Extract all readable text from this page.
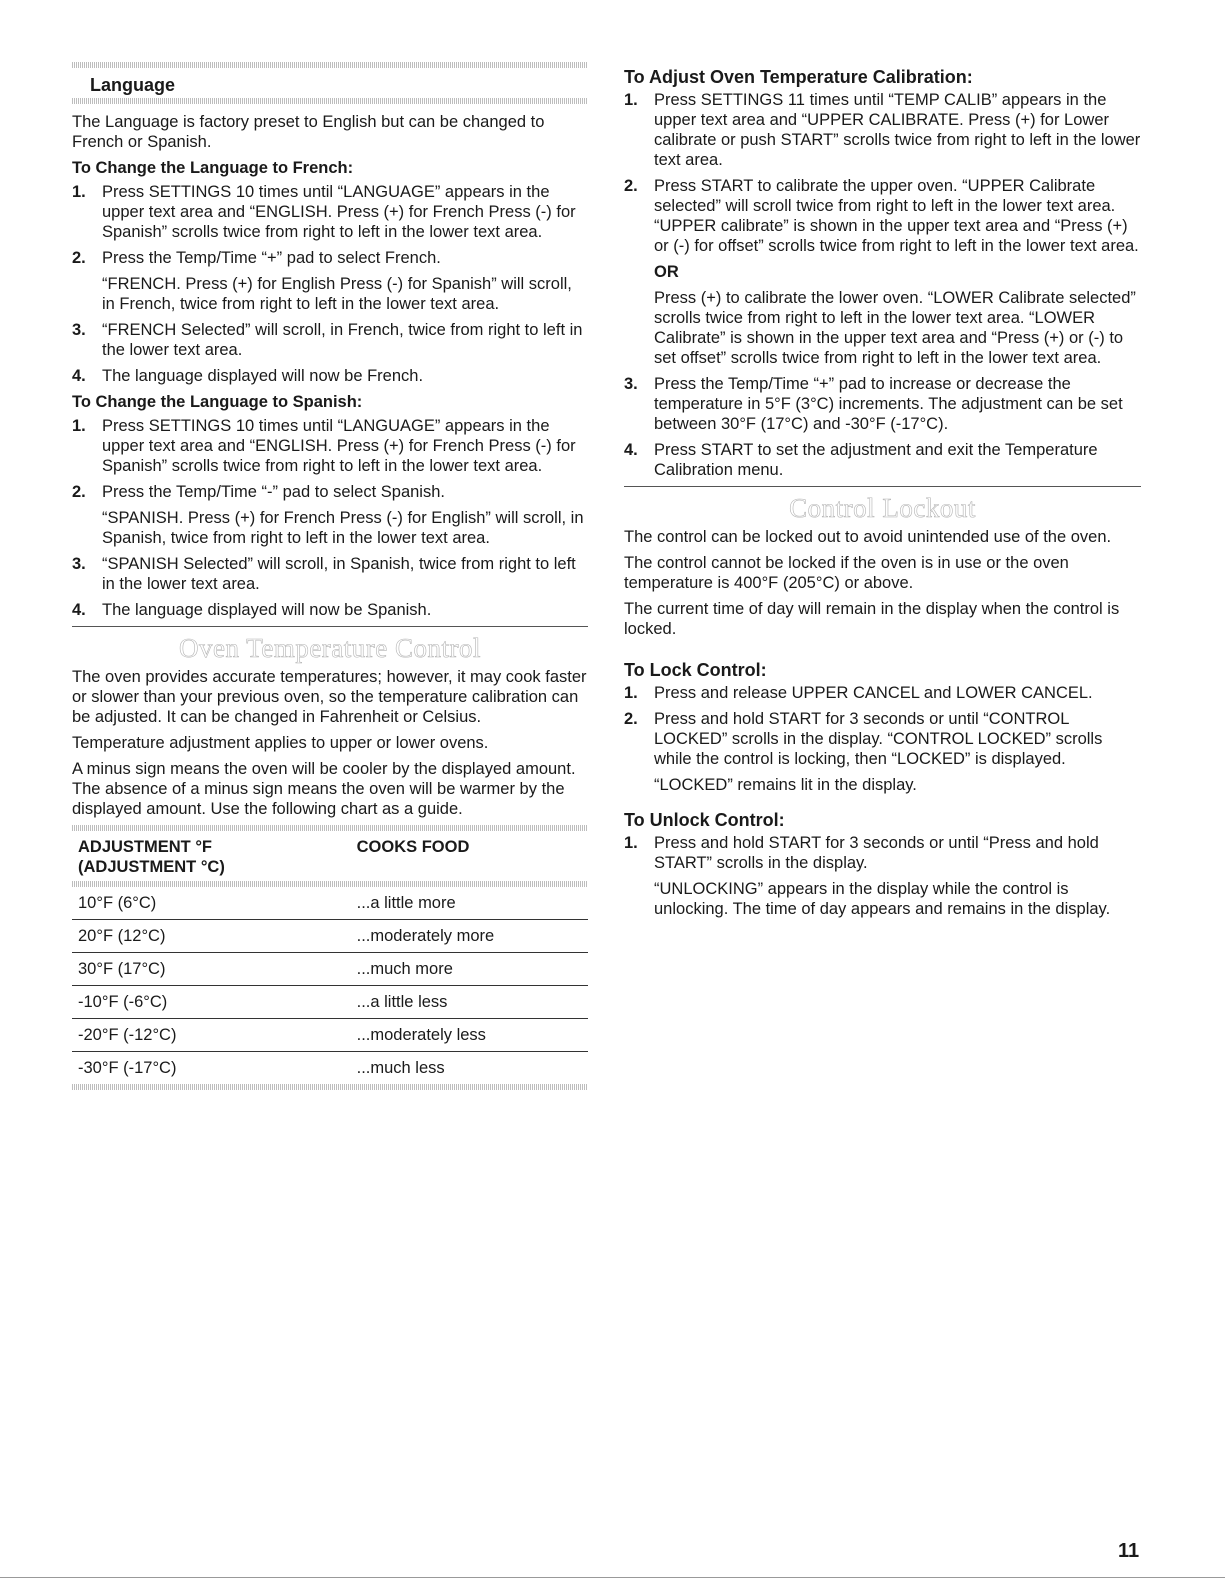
Language

The Language is factory preset to English but can be changed to French or Spanish.

To Change the Language to French:
1. Press SETTINGS 10 times until “LANGUAGE” appears in the upper text area and “ENGLISH. Press (+) for French Press (-) for Spanish” scrolls twice from right to left in the lower text area.
2. Press the Temp/Time “+” pad to select French.
“FRENCH. Press (+) for English Press (-) for Spanish” will scroll, in French, twice from right to left in the lower text area.
3. “FRENCH Selected” will scroll, in French, twice from right to left in the lower text area.
4. The language displayed will now be French.
To Change the Language to Spanish:
1. Press SETTINGS 10 times until “LANGUAGE” appears in the upper text area and “ENGLISH. Press (+) for French Press (-) for Spanish” scrolls twice from right to left in the lower text area.
2. Press the Temp/Time “-” pad to select Spanish.
“SPANISH. Press (+) for French Press (-) for English” will scroll, in Spanish, twice from right to left in the lower text area.
3. “SPANISH Selected” will scroll, in Spanish, twice from right to left in the lower text area.
4. The language displayed will now be Spanish.
Oven Temperature Control

The oven provides accurate temperatures; however, it may cook faster or slower than your previous oven, so the temperature calibration can be adjusted. It can be changed in Fahrenheit or Celsius.

Temperature adjustment applies to upper or lower ovens.

A minus sign means the oven will be cooler by the displayed amount. The absence of a minus sign means the oven will be warmer by the displayed amount. Use the following chart as a guide.

ADJUSTMENT °F
(ADJUSTMENT °C)	COOKS FOOD

10°F (6°C)	...a little more
20°F (12°C)	...moderately more
30°F (17°C)	...much more
-10°F (-6°C)	...a little less
-20°F (-12°C)	...moderately less
-30°F (-17°C)	...much less
To Adjust Oven Temperature Calibration:
1. Press SETTINGS 11 times until “TEMP CALIB” appears in the upper text area and “UPPER CALIBRATE. Press (+) for Lower calibrate or push START” scrolls twice from right to left in the lower text area.
2. Press START to calibrate the upper oven. “UPPER Calibrate selected” will scroll twice from right to left in the lower text area. “UPPER calibrate” is shown in the upper text area and “Press (+) or (-) for offset” scrolls twice from right to left in the lower text area.
OR
Press (+) to calibrate the lower oven. “LOWER Calibrate selected” scrolls twice from right to left in the lower text area. “LOWER Calibrate” is shown in the upper text area and “Press (+) or (-) to set offset” scrolls twice from right to left in the lower text area.
3. Press the Temp/Time “+” pad to increase or decrease the temperature in 5°F (3°C) increments. The adjustment can be set between 30°F (17°C) and -30°F (-17°C).
4. Press START to set the adjustment and exit the Temperature Calibration menu.
Control Lockout

The control can be locked out to avoid unintended use of the oven.

The control cannot be locked if the oven is in use or the oven temperature is 400°F (205°C) or above.

The current time of day will remain in the display when the control is locked.

To Lock Control:
1. Press and release UPPER CANCEL and LOWER CANCEL.
2. Press and hold START for 3 seconds or until “CONTROL LOCKED” scrolls in the display. “CONTROL LOCKED” scrolls while the control is locking, then “LOCKED” is displayed.
“LOCKED” remains lit in the display.
To Unlock Control:
1. Press and hold START for 3 seconds or until “Press and hold START” scrolls in the display.
“UNLOCKING” appears in the display while the control is unlocking. The time of day appears and remains in the display.
11
